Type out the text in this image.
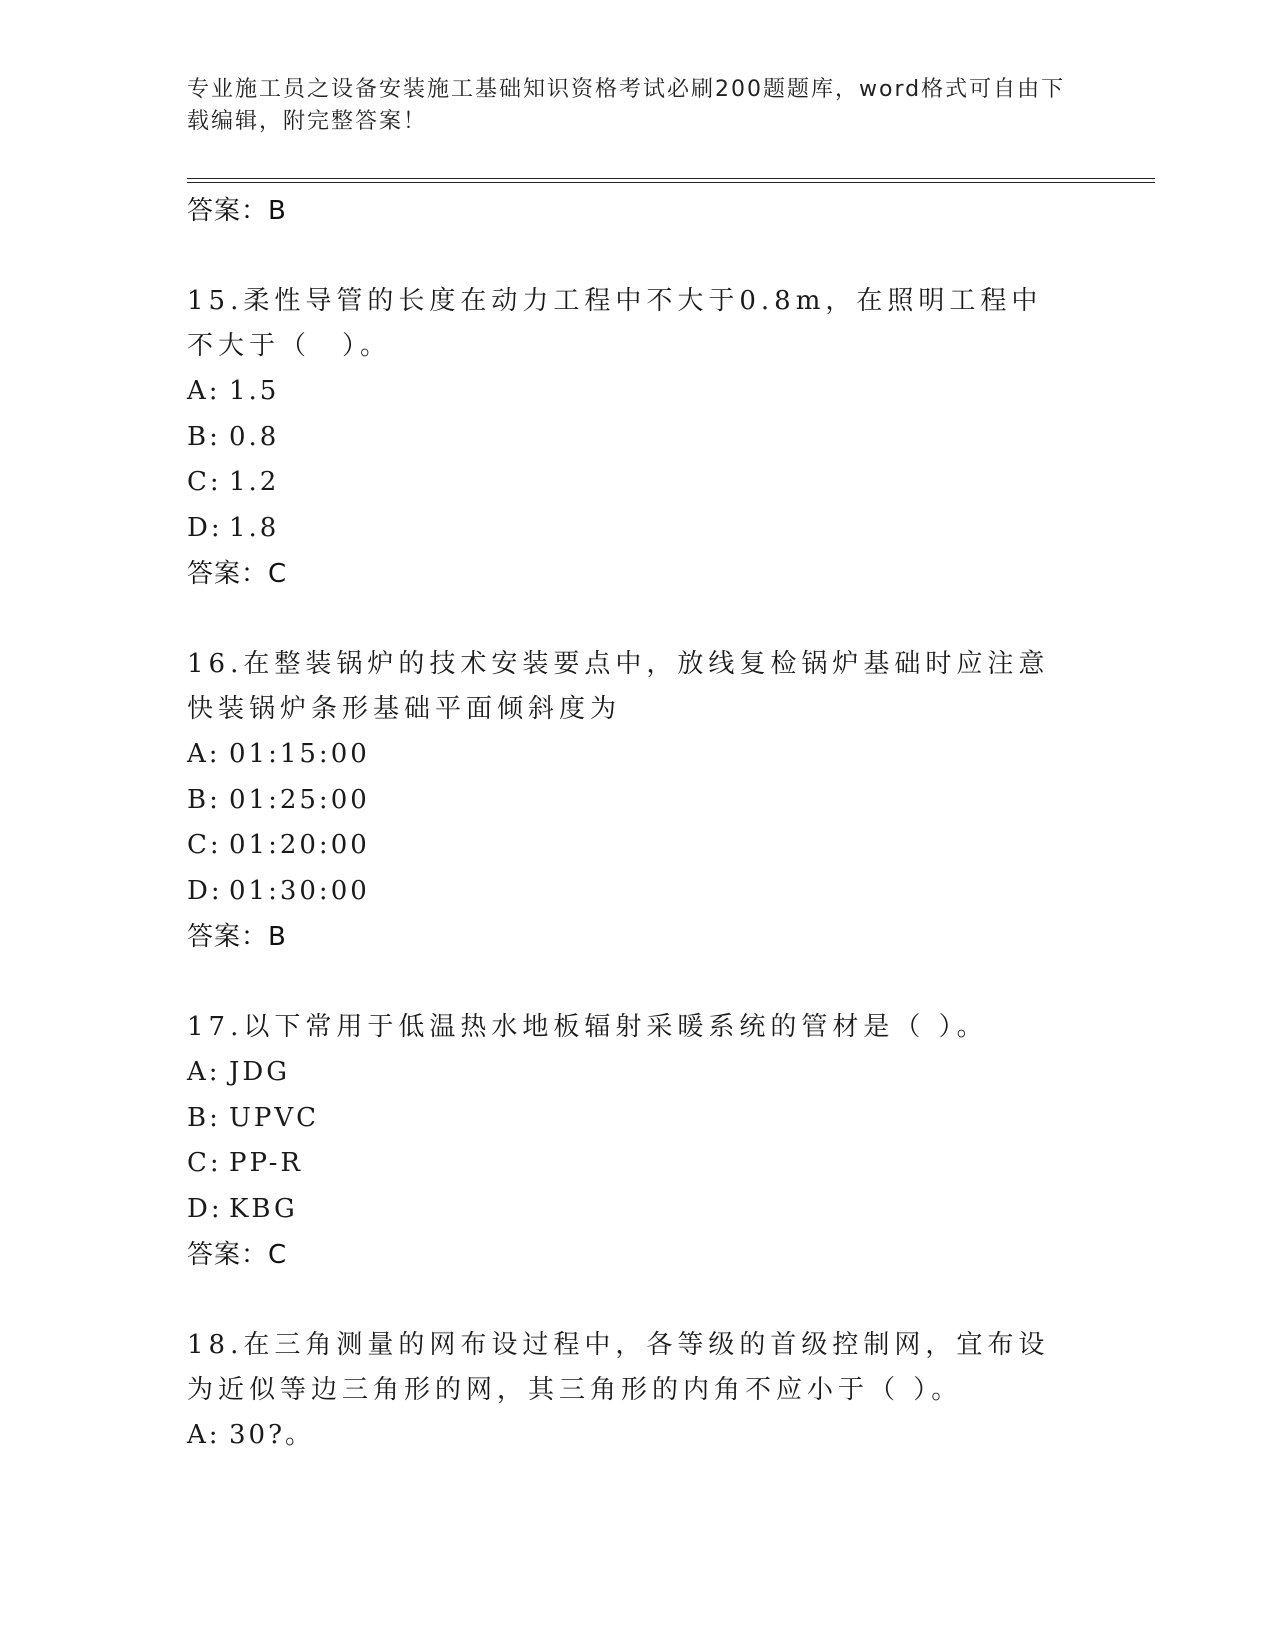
专业施工员之设备安装施工基础知识资格考试必刷200题题库，word格式可自由下载编辑，附完整答案！
答案：B
15.柔性导管的长度在动力工程中不大于0.8m，在照明工程中不大于（　）。
A: 1.5
B: 0.8
C: 1.2
D: 1.8
答案：C
16.在整装锅炉的技术安装要点中，放线复检锅炉基础时应注意快装锅炉条形基础平面倾斜度为
A: 01:15:00
B: 01:25:00
C: 01:20:00
D: 01:30:00
答案：B
17.以下常用于低温热水地板辐射采暖系统的管材是（ ）。
A: JDG
B: UPVC
C: PP-R
D: KBG
答案：C
18.在三角测量的网布设过程中，各等级的首级控制网，宜布设为近似等边三角形的网，其三角形的内角不应小于（ ）。
A: 30?。
